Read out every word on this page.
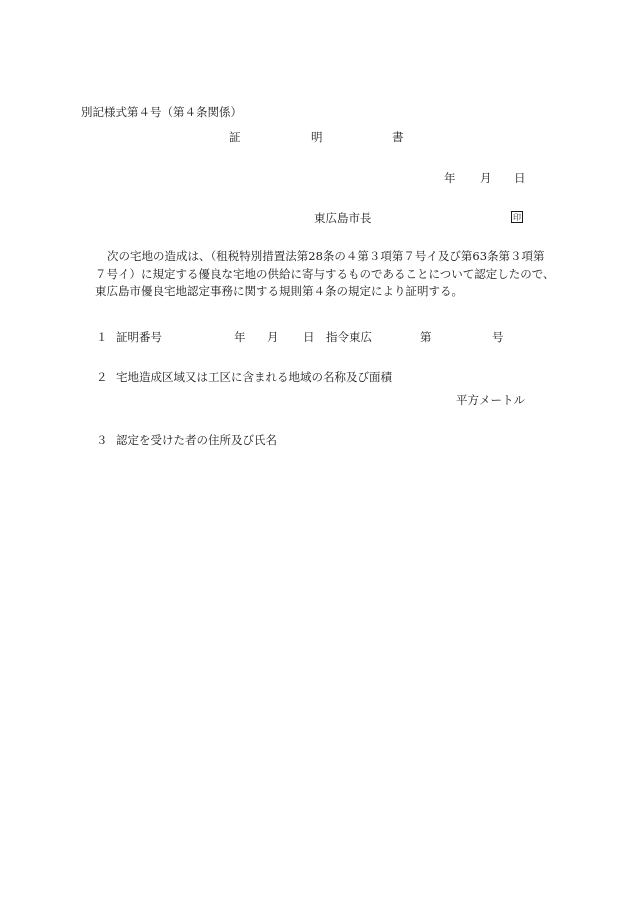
別記様式第４号（第４条関係）
証	明	書
年 月 日
東広島市長	印
次の宅地の造成は、（租税特別措置法第28条の４第３項第７号イ及び第63条第３項第
７号イ）に規定する優良な宅地の供給に寄与するものであることについて認定したので、
東広島市優良宅地認定事務に関する規則第４条の規定により証明する。
１ 証明番号	年 月 日 指令東広	第	号
２ 宅地造成区域又は工区に含まれる地域の名称及び面積
平方メートル
３ 認定を受けた者の住所及び氏名
